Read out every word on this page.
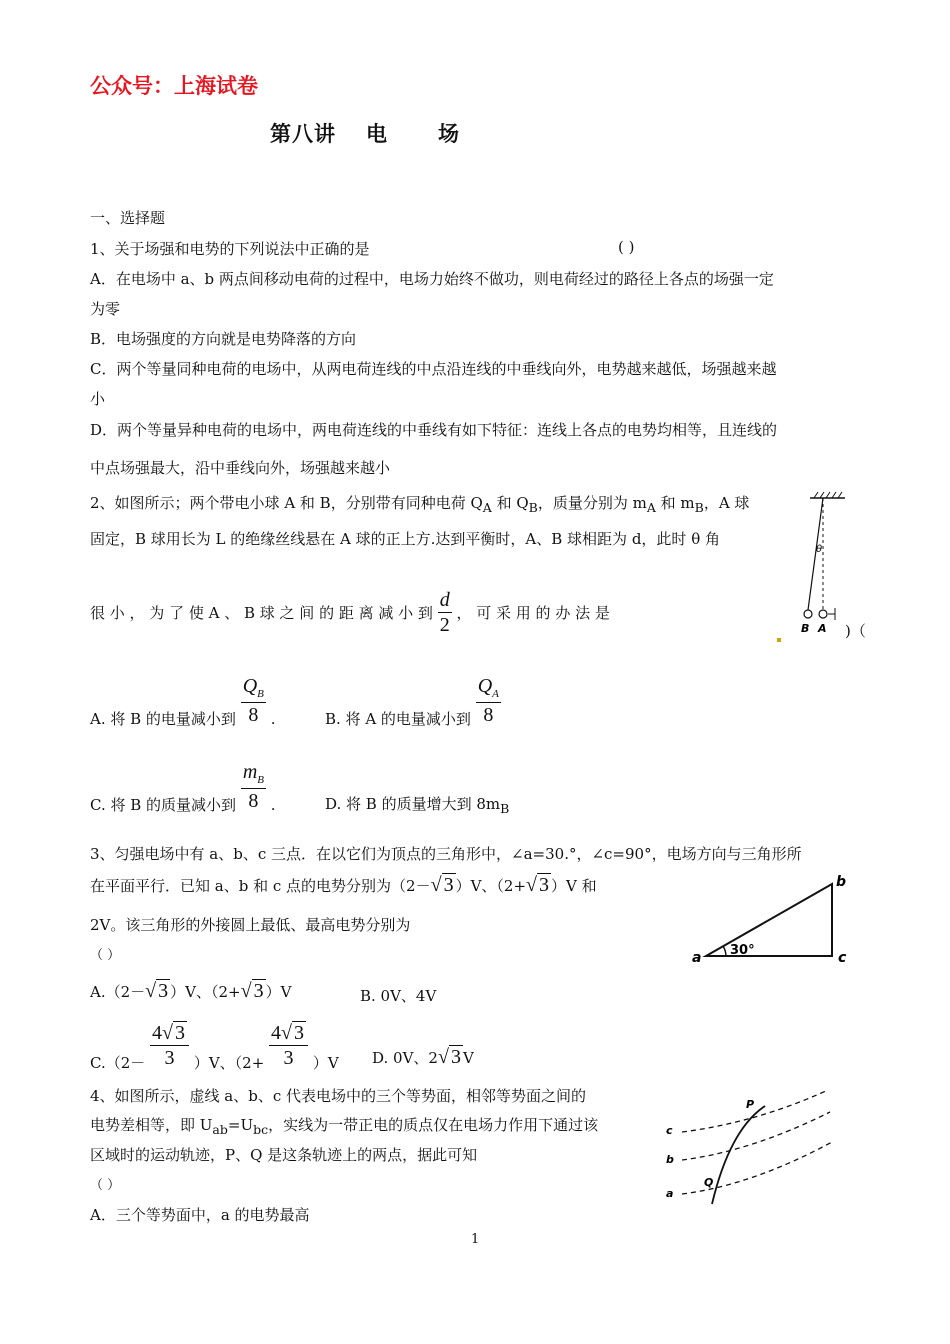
公众号：上海试卷
第八讲 电 场
一、选择题
1、关于场强和电势的下列说法中正确的是	( )
A．在电场中 a、b 两点间移动电荷的过程中，电场力始终不做功，则电荷经过的路径上各点的场强一定
为零
B．电场强度的方向就是电势降落的方向
C．两个等量同种电荷的电场中，从两电荷连线的中点沿连线的中垂线向外，电势越来越低，场强越来越
小
D．两个等量异种电荷的电场中，两电荷连线的中垂线有如下特征：连线上各点的电势均相等，且连线的
中点场强最大，沿中垂线向外，场强越来越小
2、如图所示；两个带电小球 A 和 B，分别带有同种电荷 $Q_A$ 和 $Q_B$，质量分别为 $m_A$ 和 $m_B$，A 球
固定，B 球用长为 L 的绝缘丝线悬在 A 球的正上方.达到平衡时，A、B 球相距为 d，此时 θ 角
很 小 ， 为 了 使 A 、 B 球 之 间 的 距 离 减 小 到 $\frac{d}{2}$ ， 可 采 用 的 办 法 是
)（
θ
B A
A. 将 B 的电量减小到 $\frac{Q_B}{8}$ .	B. 将 A 的电量减小到 $\frac{Q_A}{8}$
C. 将 B 的质量减小到 $\frac{m_B}{8}$ .	D. 将 B 的质量增大到 $8m_B$
3、匀强电场中有 a、b、c 三点．在以它们为顶点的三角形中，∠a=30.°，∠c=90°，电场方向与三角形所
在平面平行．已知 a、b 和 c 点的电势分别为（2－√ 3 ）V、（2+√ 3 ）V 和
2V。该三角形的外接圆上最低、最高电势分别为
（ ）	a
b
c
30°
A.（2－√ 3 ）V、（2+√ 3 ）V	B. 0V、4V
$C.(2- \frac{4√ 3}{3} )V$、$(2+ \frac{4√ 3}{3} )V$ D. 0V、2√ 3 V
4、如图所示，虚线 a、b、c 代表电场中的三个等势面，相邻等势面之间的
电势差相等，即 $U_{ab}=U_{bc}$，实线为一带正电的质点仅在电场力作用下通过该
区域时的运动轨迹，P、Q 是这条轨迹上的两点，据此可知
（ ）
A．三个等势面中，a 的电势最高
c
b
a
P
Q
1
